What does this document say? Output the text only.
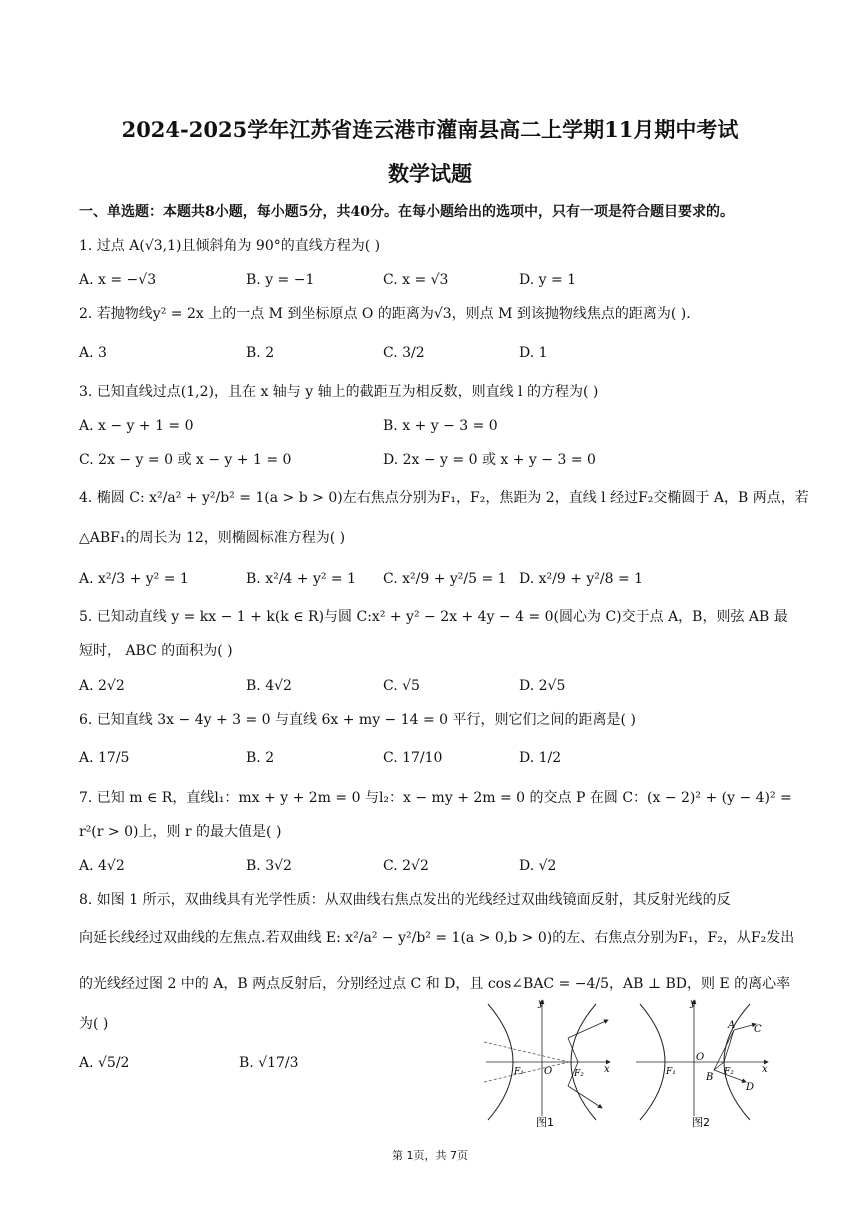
2024-2025学年江苏省连云港市灌南县高二上学期11月期中考试
数学试题
一、单选题：本题共8小题，每小题5分，共40分。在每小题给出的选项中，只有一项是符合题目要求的。
1. 过点 A(√3,1)且倾斜角为 90°的直线方程为( )
A. x = −√3	B. y = −1	C. x = √3	D. y = 1
2. 若抛物线y² = 2x 上的一点 M 到坐标原点 O 的距离为√3，则点 M 到该抛物线焦点的距离为( ).
A. 3	B. 2	C. 3/2	D. 1
3. 已知直线过点(1,2)，且在 x 轴与 y 轴上的截距互为相反数，则直线 l 的方程为( )
A. x − y + 1 = 0	B. x + y − 3 = 0
C. 2x − y = 0 或 x − y + 1 = 0	D. 2x − y = 0 或 x + y − 3 = 0
4. 椭圆 C: x²/a² + y²/b² = 1(a > b > 0)左右焦点分别为F₁，F₂，焦距为 2，直线 l 经过F₂交椭圆于 A，B 两点，若
△ABF₁的周长为 12，则椭圆标准方程为( )
A. x²/3 + y² = 1	B. x²/4 + y² = 1 C. x²/9 + y²/5 = 1 D. x²/9 + y²/8 = 1
5. 已知动直线 y = kx − 1 + k(k ∈ R)与圆 C:x² + y² − 2x + 4y − 4 = 0(圆心为 C)交于点 A，B，则弦 AB 最
短时， ABC 的面积为( )
A. 2√2	B. 4√2	C. √5	D. 2√5
6. 已知直线 3x − 4y + 3 = 0 与直线 6x + my − 14 = 0 平行，则它们之间的距离是( )
A. 17/5	B. 2	C. 17/10	D. 1/2
7. 已知 m ∈ R，直线l₁：mx + y + 2m = 0 与l₂：x − my + 2m = 0 的交点 P 在圆 C：(x − 2)² + (y − 4)² =
r²(r > 0)上，则 r 的最大值是( )
A. 4√2	B. 3√2	C. 2√2	D. √2
8. 如图 1 所示，双曲线具有光学性质：从双曲线右焦点发出的光线经过双曲线镜面反射，其反射光线的反
向延长线经过双曲线的左焦点.若双曲线 E: x²/a² − y²/b² = 1(a > 0,b > 0)的左、右焦点分别为F₁，F₂，从F₂发出
的光线经过图 2 中的 A，B 两点反射后，分别经过点 C 和 D，且 cos∠BAC = −4/5，AB ⊥ BD，则 E 的离心率
为( )
A. √5/2	B. √17/3
y
x
O
F₁	F₂
图1
y
x
O
F₁	F₂
A
B
C
D
图2
第 1页，共 7页
